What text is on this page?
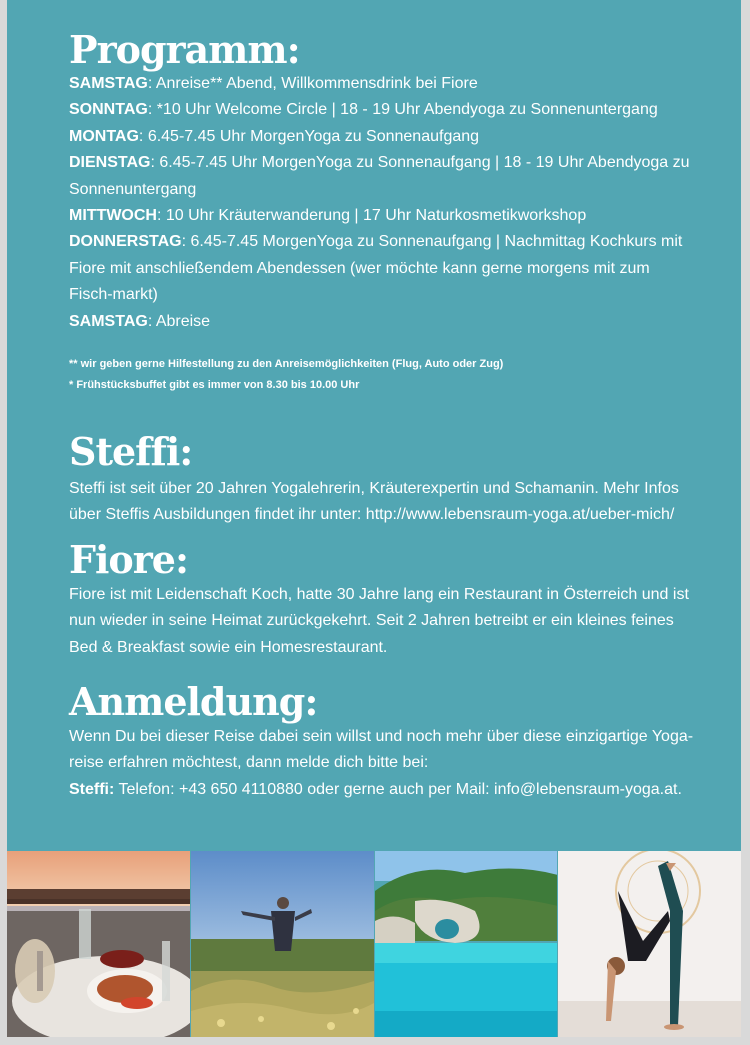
Programm:

SAMSTAG: Anreise** Abend, Willkommensdrink bei Fiore

SONNTAG: *10 Uhr Welcome Circle | 18 - 19 Uhr Abendyoga zu Sonnenuntergang

MONTAG: 6.45-7.45 Uhr MorgenYoga zu Sonnenaufgang

DIENSTAG: 6.45-7.45 Uhr MorgenYoga zu Sonnenaufgang | 18 - 19 Uhr Abendyoga zu Sonnenuntergang

MITTWOCH: 10 Uhr Kräuterwanderung | 17 Uhr Naturkosmetikworkshop

DONNERSTAG: 6.45-7.45 MorgenYoga zu Sonnenaufgang | Nachmittag Kochkurs mit Fiore mit anschließendem Abendessen (wer möchte kann gerne morgens mit zum Fisch-markt)

SAMSTAG: Abreise

** wir geben gerne Hilfestellung zu den Anreisemöglichkeiten (Flug, Auto oder Zug)

* Frühstücksbuffet gibt es immer von 8.30 bis 10.00 Uhr

Steffi:

Steffi ist seit über 20 Jahren Yogalehrerin, Kräuterexpertin und Schamanin. Mehr Infos über Steffis Ausbildungen findet ihr unter: http://www.lebensraum-yoga.at/ueber-mich/

Fiore:

Fiore ist mit Leidenschaft Koch, hatte 30 Jahre lang ein Restaurant in Österreich und ist nun wieder in seine Heimat zurückgekehrt. Seit 2 Jahren betreibt er ein kleines feines Bed & Breakfast sowie ein Homesrestaurant.

Anmeldung:

Wenn Du bei dieser Reise dabei sein willst und noch mehr über diese einzigartige Yoga-reise erfahren möchtest, dann melde dich bitte bei:

Steffi: Telefon: +43 650 4110880 oder gerne auch per Mail: info@lebensraum-yoga.at.
